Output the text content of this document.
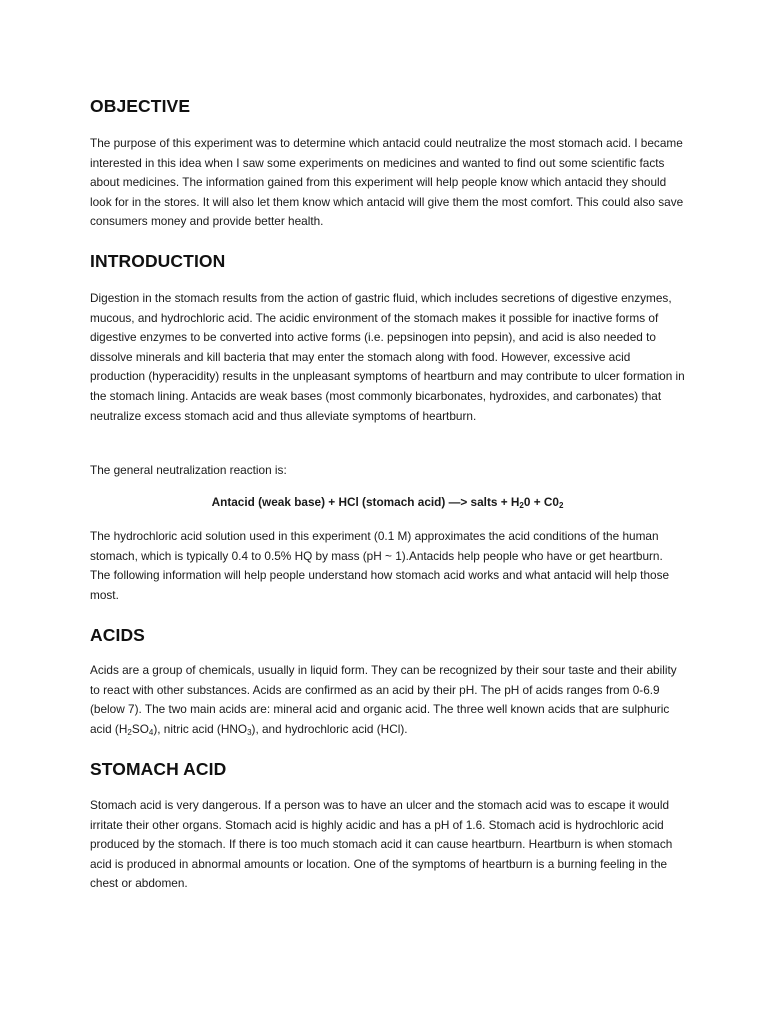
OBJECTIVE

The purpose of this experiment was to determine which antacid could neutralize the most stomach acid. I became interested in this idea when I saw some experiments on medicines and wanted to find out some scientific facts about medicines. The information gained from this experiment will help people know which antacid they should look for in the stores. It will also let them know which antacid will give them the most comfort. This could also save consumers money and provide better health.

INTRODUCTION

Digestion in the stomach results from the action of gastric fluid, which includes secretions of digestive enzymes, mucous, and hydrochloric acid. The acidic environment of the stomach makes it possible for inactive forms of digestive enzymes to be converted into active forms (i.e. pepsinogen into pepsin), and acid is also needed to dissolve minerals and kill bacteria that may enter the stomach along with food. However, excessive acid production (hyperacidity) results in the unpleasant symptoms of heartburn and may contribute to ulcer formation in the stomach lining. Antacids are weak bases (most commonly bicarbonates, hydroxides, and carbonates) that neutralize excess stomach acid and thus alleviate symptoms of heartburn.

The general neutralization reaction is:

Antacid (weak base) + HCl (stomach acid) —> salts + $H_20 + C0_2$

The hydrochloric acid solution used in this experiment (0.1 M) approximates the acid conditions of the human stomach, which is typically 0.4 to 0.5% HQ by mass (pH ~ 1).Antacids help people who have or get heartburn. The following information will help people understand how stomach acid works and what antacid will help those most.

ACIDS

Acids are a group of chemicals, usually in liquid form. They can be recognized by their sour taste and their ability to react with other substances. Acids are confirmed as an acid by their pH. The pH of acids ranges from 0-6.9 (below 7). The two main acids are: mineral acid and organic acid. The three well known acids that are sulphuric acid $(H_2SO_4)$, nitric acid $(HNO_3)$, and hydrochloric acid (HCl).

STOMACH ACID

Stomach acid is very dangerous. If a person was to have an ulcer and the stomach acid was to escape it would irritate their other organs. Stomach acid is highly acidic and has a pH of 1.6. Stomach acid is hydrochloric acid produced by the stomach. If there is too much stomach acid it can cause heartburn. Heartburn is when stomach acid is produced in abnormal amounts or location. One of the symptoms of heartburn is a burning feeling in the chest or abdomen.
